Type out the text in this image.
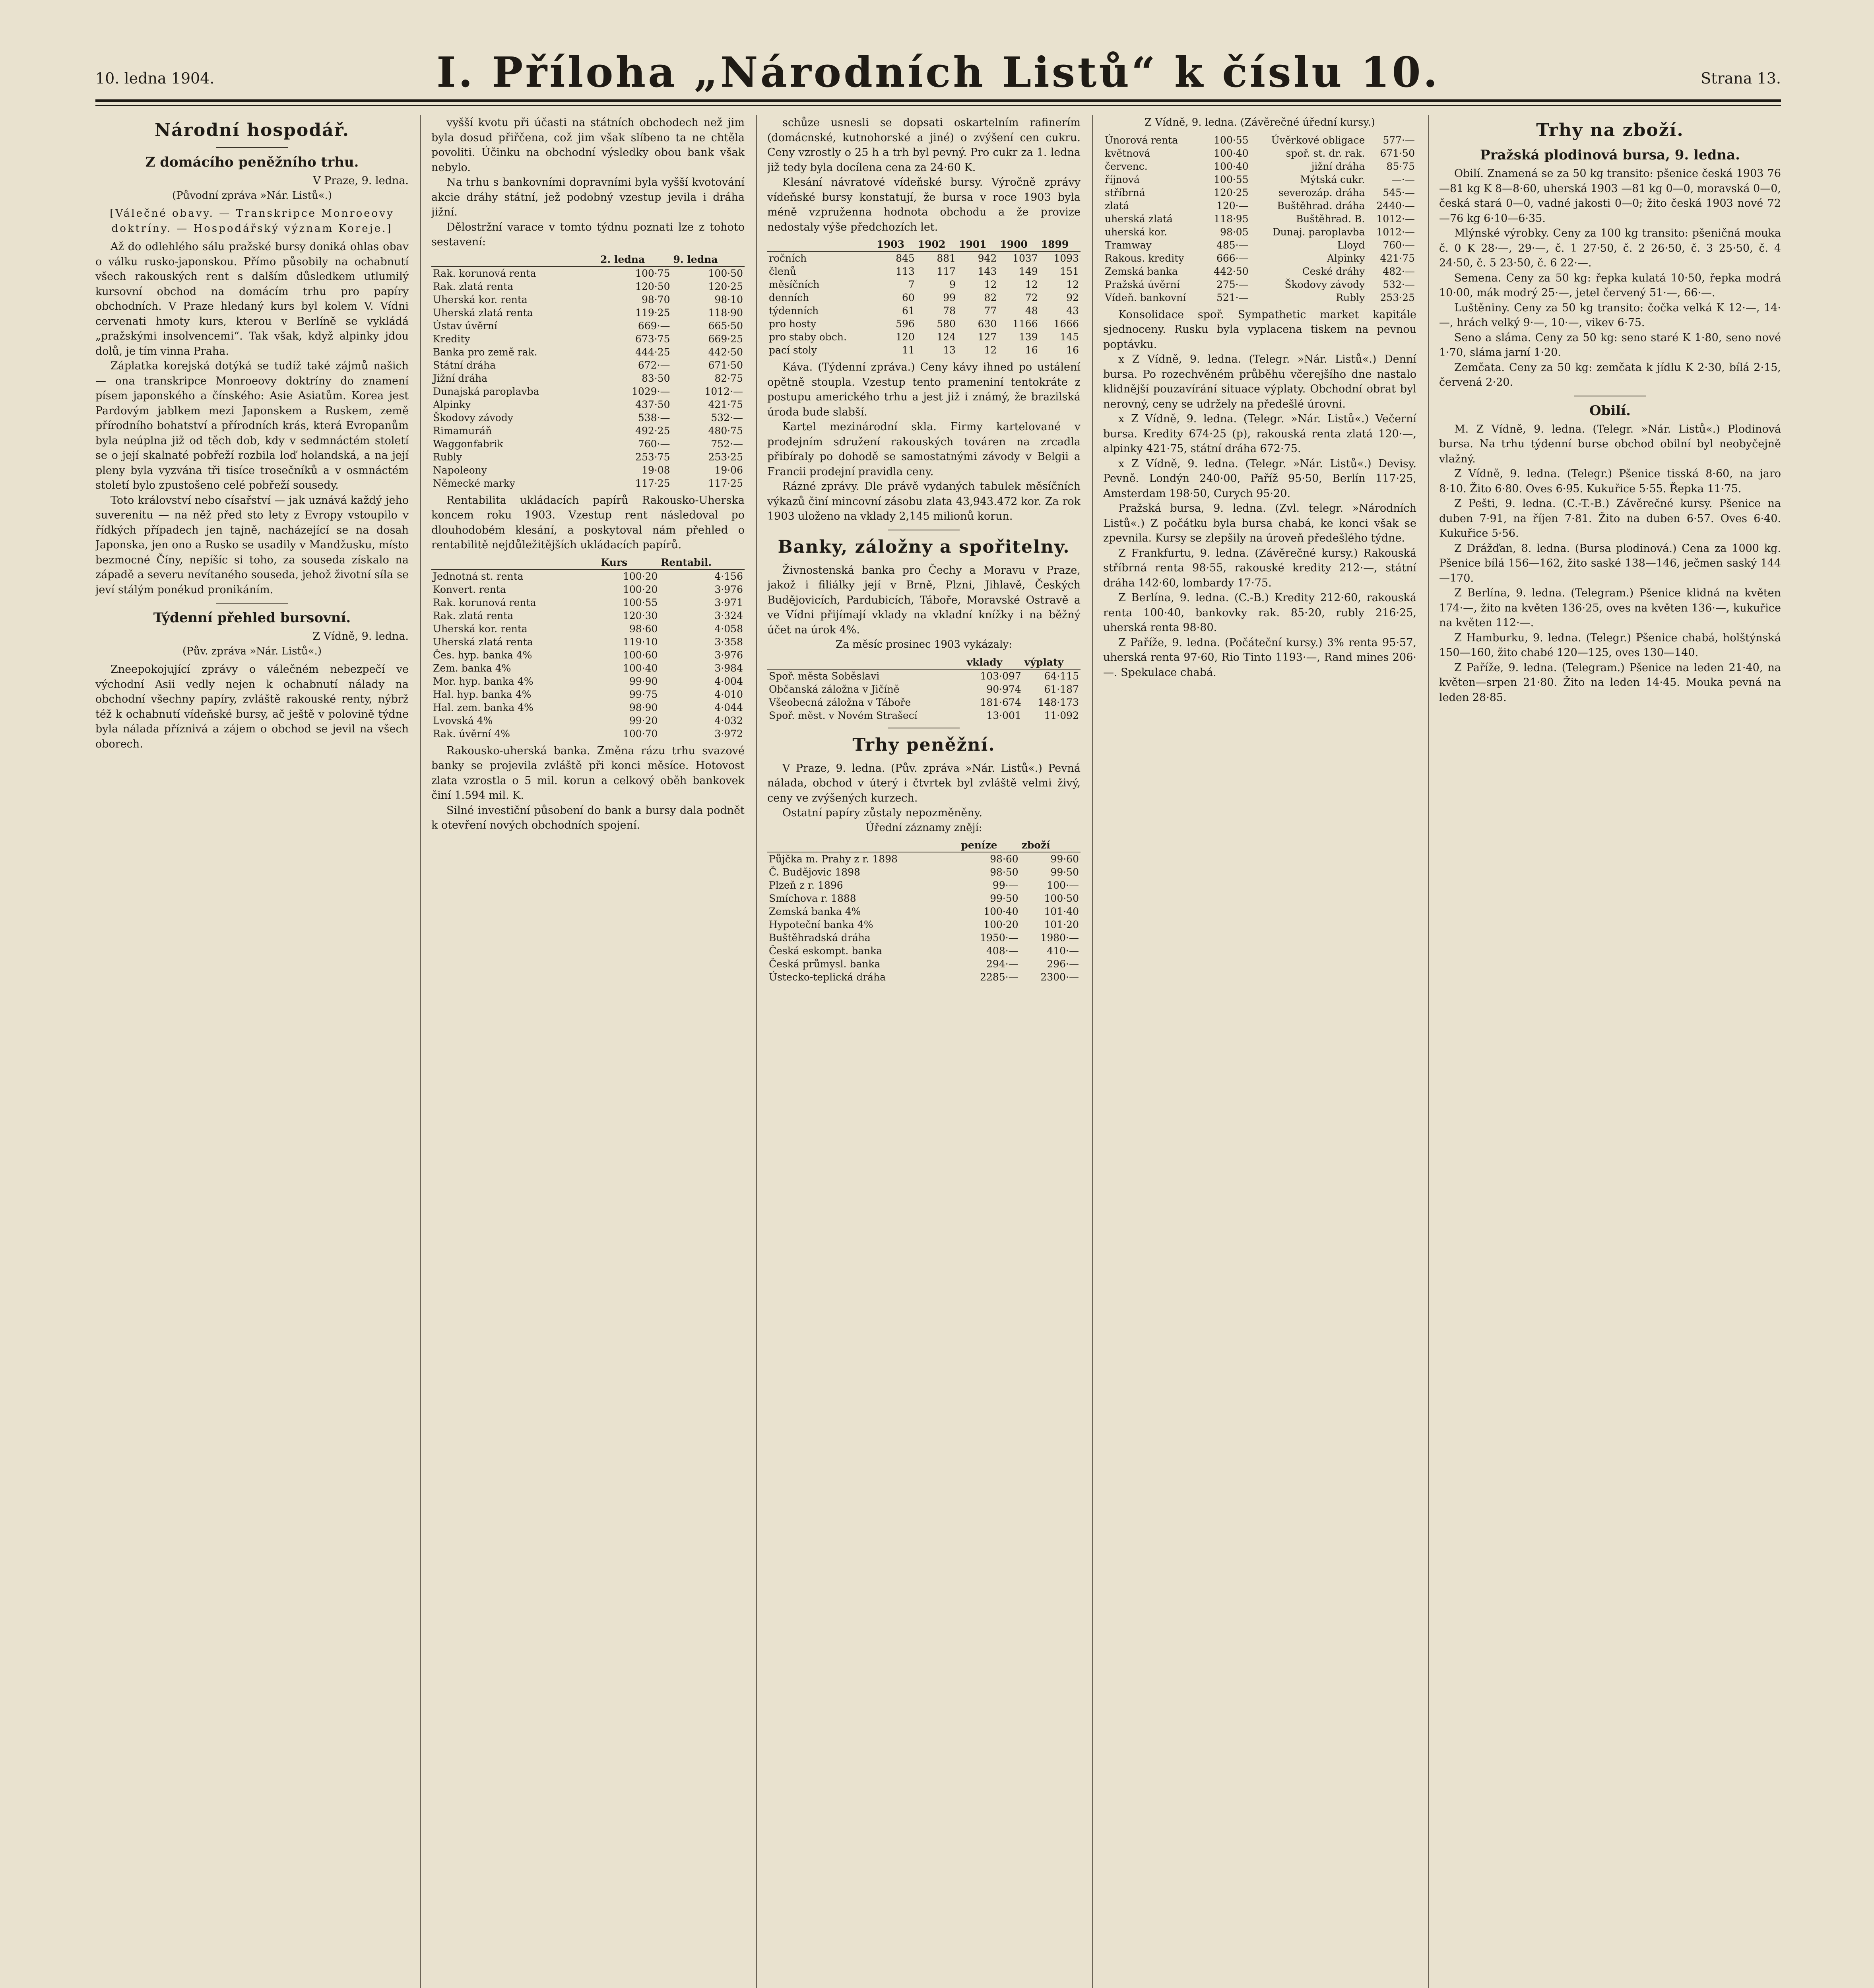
10. ledna 1904.	I. Příloha „Národních Listů“ k číslu 10.	Strana 13.
Národní hospodář.
Z domácího peněžního trhu.
V Praze, 9. ledna.
(Původní zpráva »Nár. Listů«.)
[Válečné obavy. — Transkripce Monroeovy doktríny. — Hospodářský význam Koreje.]

Až do odlehlého sálu pražské bursy doniká ohlas obav o válku rusko-japonskou. Přímo působily na ochabnutí všech rakouských rent s dalším důsledkem utlumilý kursovní obchod na domácím trhu pro papíry obchodních. V Praze hledaný kurs byl kolem V. Vídni cervenati hmoty kurs, kterou v Berlíně se vykládá „pražskými insolvencemi“. Tak však, když alpinky jdou dolů, je tím vinna Praha.

Záplatka korejská dotýká se tudíž také zájmů našich — ona transkripce Monroeovy doktríny do znamení písem japonského a čínského: Asie Asiatům. Korea jest Pardovým jablkem mezi Japonskem a Ruskem, země přírodního bohatství a přírodních krás, která Evropanům byla neúplna již od těch dob, kdy v sedmnáctém století se o její skalnaté pobřeží rozbila loď holandská, a na její pleny byla vyzvána tři tisíce trosečníků a v osmnáctém století bylo zpustošeno celé pobřeží sousedy.

Toto království nebo císařství — jak uznává každý jeho suverenitu — na něž před sto lety z Evropy vstoupilo v řídkých případech jen tajně, nacházející se na dosah Japonska, jen ono a Rusko se usadily v Mandžusku, místo bezmocné Číny, nepíšíc si toho, za souseda získalo na západě a severu nevítaného souseda, jehož životní síla se jeví stálým ponékud pronikáním.

Týdenní přehled bursovní.
Z Vídně, 9. ledna.
(Pův. zpráva »Nár. Listů«.)

Zneepokojující zprávy o válečném nebezpečí ve východní Asii vedly nejen k ochabnutí nálady na obchodní všechny papíry, zvláště rakouské renty, nýbrž též k ochabnutí vídeňské bursy, ač ještě v polovině týdne byla nálada příznivá a zájem o obchod se jevil na všech oborech.

vyšší kvotu při účasti na státních obchodech než jim byla dosud přiřčena, což jim však slíbeno ta ne chtěla povoliti. Účinku na obchodní výsledky obou bank však nebylo.

Na trhu s bankovními dopravními byla vyšší kvotování akcie dráhy státní, jež podobný vzestup jevila i dráha jižní.

Dělostržní varace v tomto týdnu poznati lze z tohoto sestavení:

	2. ledna	9. ledna
Rak. korunová renta	100·75	100·50
Rak. zlatá renta	120·50	120·25
Uherská kor. renta	98·70	98·10
Uherská zlatá renta	119·25	118·90
Ústav úvěrní	669·—	665·50
Kredity	673·75	669·25
Banka pro země rak.	444·25	442·50
Státní dráha	672·—	671·50
Jižní dráha	83·50	82·75
Dunajská paroplavba	1029·—	1012·—
Alpinky	437·50	421·75
Škodovy závody	538·—	532·—
Rimamuráň	492·25	480·75
Waggonfabrik	760·—	752·—
Rubly	253·75	253·25
Napoleony	19·08	19·06
Německé marky	117·25	117·25

Rentabilita ukládacích papírů Rakousko-Uherska koncem roku 1903. Vzestup rent následoval po dlouhodobém klesání, a poskytoval nám přehled o rentabilitě nejdůležitějších ukládacích papírů.

	Kurs	Rentabil.
Jednotná st. renta	100·20	4·156
Konvert. renta	100·20	3·976
Rak. korunová renta	100·55	3·971
Rak. zlatá renta	120·30	3·324
Uherská kor. renta	98·60	4·058
Uherská zlatá renta	119·10	3·358
Čes. hyp. banka 4%	100·60	3·976
Zem. banka 4%	100·40	3·984
Mor. hyp. banka 4%	99·90	4·004
Hal. hyp. banka 4%	99·75	4·010
Hal. zem. banka 4%	98·90	4·044
Lvovská 4%	99·20	4·032
Rak. úvěrní 4%	100·70	3·972

Rakousko-uherská banka. Změna rázu trhu svazové banky se projevila zvláště při konci měsíce. Hotovost zlata vzrostla o 5 mil. korun a celkový oběh bankovek činí 1.594 mil. K.

Silné investiční působení do bank a bursy dala podnět k otevření nových obchodních spojení.

schůze usnesli se dopsati oskartelním rafinerím (domácnské, kutnohorské a jiné) o zvýšení cen cukru. Ceny vzrostly o 25 h a trh byl pevný. Pro cukr za 1. ledna již tedy byla docílena cena za 24·60 K.

Klesání návratové vídeňské bursy. Výročně zprávy vídeňské bursy konstatují, že bursa v roce 1903 byla méně vzpruženna hodnota obchodu a že provize nedostaly výše předchozích let.

	1903	1902	1901	1900	1899
ročních	845	881	942	1037	1093
členů	113	117	143	149	151
měsíčních	7	9	12	12	12
denních	60	99	82	72	92
týdenních	61	78	77	48	43
pro hosty	596	580	630	1166	1666
pro staby obch.	120	124	127	139	145
pací stoly	11	13	12	16	16

Káva. (Týdenní zpráva.) Ceny kávy ihned po ustálení opětně stoupla. Vzestup tento prameniní tentokráte z postupu amerického trhu a jest již i známý, že brazilská úroda bude slabší.

Kartel mezinárodní skla. Firmy kartelované v prodejním sdružení rakouských továren na zrcadla přibíraly po dohodě se samostatnými závody v Belgii a Francii prodejní pravidla ceny.

Rázné zprávy. Dle právě vydaných tabulek měsíčních výkazů činí mincovní zásobu zlata 43,943.472 kor. Za rok 1903 uloženo na vklady 2,145 milionů korun.

Banky, záložny a spořitelny.

Živnostenská banka pro Čechy a Moravu v Praze, jakož i filiálky její v Brně, Plzni, Jihlavě, Českých Budějovicích, Pardubicích, Táboře, Moravské Ostravě a ve Vídni přijímají vklady na vkladní knížky i na běžný účet na úrok 4%.

Za měsíc prosinec 1903 vykázaly:
	vklady	výplaty
Spoř. města Soběslavi	103·097	64·115
Občanská záložna v Jičíně	90·974	61·187
Všeobecná záložna v Táboře	181·674	148·173
Spoř. měst. v Novém Strašecí	13·001	11·092
Trhy peněžní.

V Praze, 9. ledna. (Pův. zpráva »Nár. Listů«.) Pevná nálada, obchod v úterý i čtvrtek byl zvláště velmi živý, ceny ve zvýšených kurzech.

Ostatní papíry zůstaly nepozměněny.

Úřední záznamy znějí:
	peníze	zboží
Půjčka m. Prahy z r. 1898	98·60	99·60
Č. Budějovic 1898	98·50	99·50
Plzeň z r. 1896	99·—	100·—
Smíchova r. 1888	99·50	100·50
Zemská banka 4%	100·40	101·40
Hypoteční banka 4%	100·20	101·20
Buštěhradská dráha	1950·—	1980·—
Česká eskompt. banka	408·—	410·—
Česká průmysl. banka	294·—	296·—
Ústecko-teplická dráha	2285·—	2300·—
Z Vídně, 9. ledna. (Závěrečné úřední kursy.)
Únorová renta	100·55	Úvěrkové obligace	577·—
květnová	100·40	spoř. st. dr. rak.	671·50
červenc.	100·40	jižní dráha	85·75
říjnová	100·55	Mýtská cukr.	—·—
stříbrná	120·25	severozáp. dráha	545·—
zlatá	120·—	Buštěhrad. dráha	2440·—
uherská zlatá	118·95	Buštěhrad. B.	1012·—
uherská kor.	98·05	Dunaj. paroplavba	1012·—
Tramway	485·—	Lloyd	760·—
Rakous. kredity	666·—	Alpinky	421·75
Zemská banka	442·50	Ceské dráhy	482·—
Pražská úvěrní	275·—	Škodovy závody	532·—
Vídeň. bankovní	521·—	Rubly	253·25

Konsolidace spoř. Sympathetic market kapitále sjednoceny. Rusku byla vyplacena tiskem na pevnou poptávku.

x Z Vídně, 9. ledna. (Telegr. »Nár. Listů«.) Denní bursa. Po rozechvěném průběhu včerejšího dne nastalo klidnější pouzavírání situace výplaty. Obchodní obrat byl nerovný, ceny se udržely na předešlé úrovni.

x Z Vídně, 9. ledna. (Telegr. »Nár. Listů«.) Večerní bursa. Kredity 674·25 (p), rakouská renta zlatá 120·—, alpinky 421·75, státní dráha 672·75.

x Z Vídně, 9. ledna. (Telegr. »Nár. Listů«.) Devisy. Pevně. Londýn 240·00, Paříž 95·50, Berlín 117·25, Amsterdam 198·50, Curych 95·20.

Pražská bursa, 9. ledna. (Zvl. telegr. »Národních Listů«.) Z počátku byla bursa chabá, ke konci však se zpevnila. Kursy se zlepšily na úroveň předešlého týdne.

Z Frankfurtu, 9. ledna. (Závěrečné kursy.) Rakouská stříbrná renta 98·55, rakouské kredity 212·—, státní dráha 142·60, lombardy 17·75.

Z Berlína, 9. ledna. (C.-B.) Kredity 212·60, rakouská renta 100·40, bankovky rak. 85·20, rubly 216·25, uherská renta 98·80.

Z Paříže, 9. ledna. (Počáteční kursy.) 3% renta 95·57, uherská renta 97·60, Rio Tinto 1193·—, Rand mines 206·—. Spekulace chabá.

Trhy na zboží.
Pražská plodinová bursa, 9. ledna.

Obilí. Znamená se za 50 kg transito: pšenice česká 1903 76—81 kg K 8—8·60, uherská 1903 —81 kg 0—0, moravská 0—0, česká stará 0—0, vadné jakosti 0—0; žito česká 1903 nové 72—76 kg 6·10—6·35.

Mlýnské výrobky. Ceny za 100 kg transito: pšeničná mouka č. 0 K 28·—, 29·—, č. 1 27·50, č. 2 26·50, č. 3 25·50, č. 4 24·50, č. 5 23·50, č. 6 22·—.

Semena. Ceny za 50 kg: řepka kulatá 10·50, řepka modrá 10·00, mák modrý 25·—, jetel červený 51·—, 66·—.

Luštěniny. Ceny za 50 kg transito: čočka velká K 12·—, 14·—, hrách velký 9·—, 10·—, vikev 6·75.

Seno a sláma. Ceny za 50 kg: seno staré K 1·80, seno nové 1·70, sláma jarní 1·20.

Zemčata. Ceny za 50 kg: zemčata k jídlu K 2·30, bílá 2·15, červená 2·20.

Obilí.

M. Z Vídně, 9. ledna. (Telegr. »Nár. Listů«.) Plodinová bursa. Na trhu týdenní burse obchod obilní byl neobyčejně vlažný.

Z Vídně, 9. ledna. (Telegr.) Pšenice tisská 8·60, na jaro 8·10. Žito 6·80. Oves 6·95. Kukuřice 5·55. Řepka 11·75.

Z Pešti, 9. ledna. (C.-T.-B.) Závěrečné kursy. Pšenice na duben 7·91, na říjen 7·81. Žito na duben 6·57. Oves 6·40. Kukuřice 5·56.

Z Drážďan, 8. ledna. (Bursa plodinová.) Cena za 1000 kg. Pšenice bílá 156—162, žito saské 138—146, ječmen saský 144—170.

Z Berlína, 9. ledna. (Telegram.) Pšenice klidná na květen 174·—, žito na květen 136·25, oves na květen 136·—, kukuřice na květen 112·—.

Z Hamburku, 9. ledna. (Telegr.) Pšenice chabá, holštýnská 150—160, žito chabé 120—125, oves 130—140.

Z Paříže, 9. ledna. (Telegram.) Pšenice na leden 21·40, na květen—srpen 21·80. Žito na leden 14·45. Mouka pevná na leden 28·85.
